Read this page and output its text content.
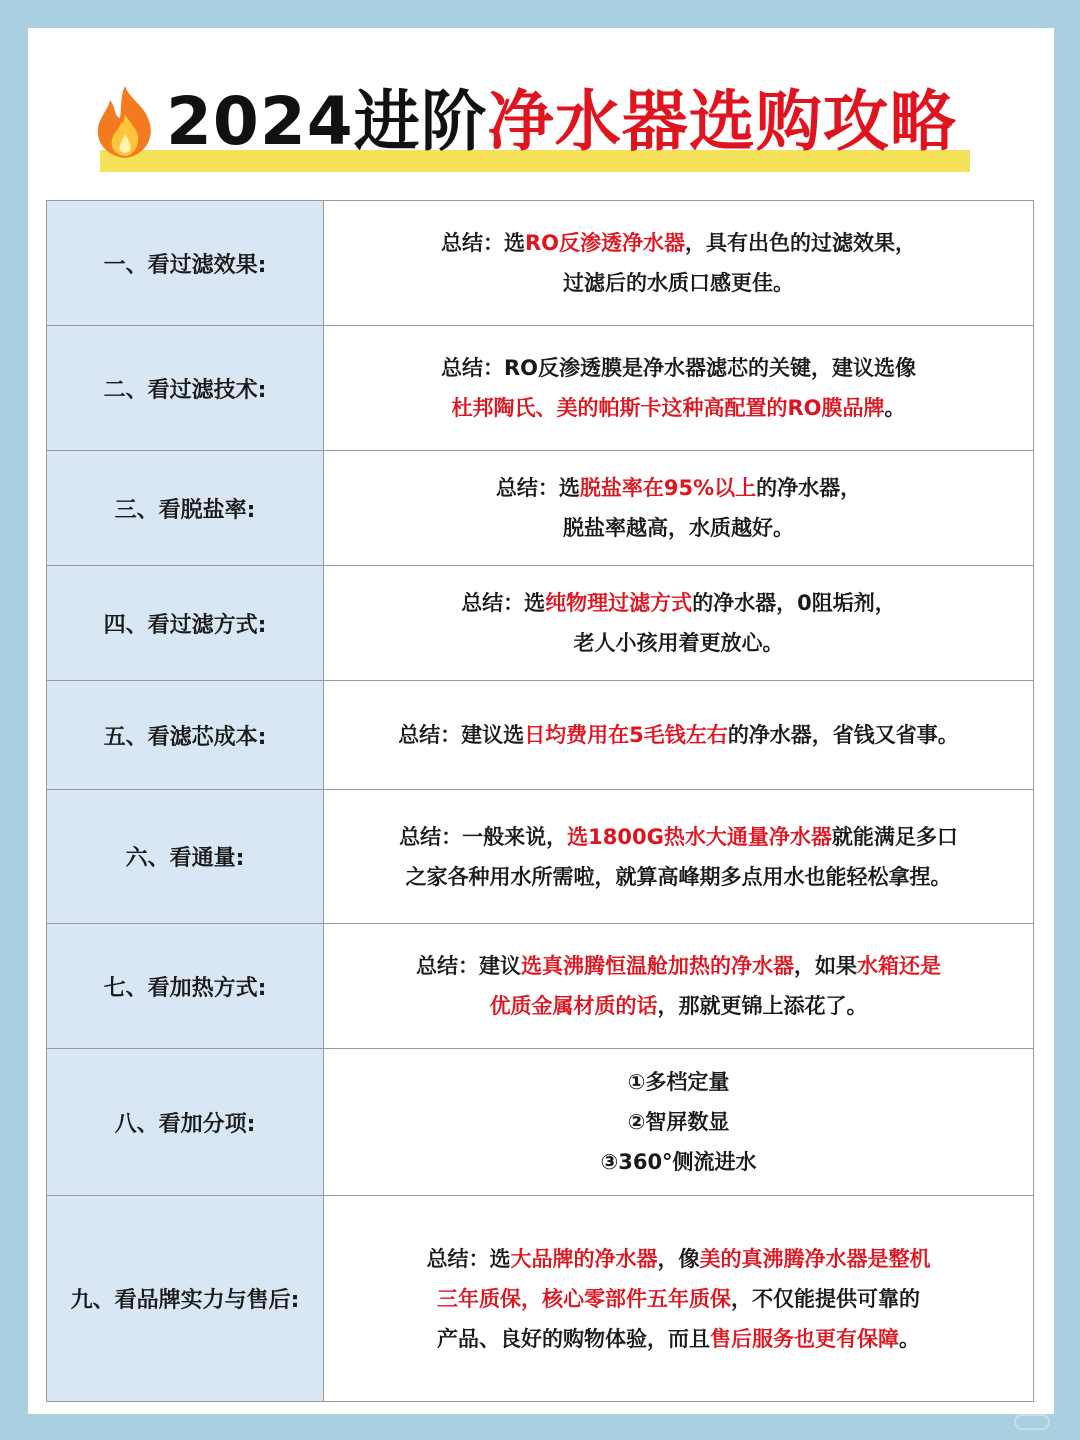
2024进阶 净水器选购攻略
一、看过滤效果:	总结：选RO反渗透净水器，具有出色的过滤效果，
过滤后的水质口感更佳。

二、看过滤技术:	总结：RO反渗透膜是净水器滤芯的关键，建议选像
杜邦陶氏、美的帕斯卡这种高配置的RO膜品牌。

三、看脱盐率:	总结：选脱盐率在95%以上的净水器，
脱盐率越高，水质越好。

四、看过滤方式:	总结：选纯物理过滤方式的净水器，0阻垢剂，
老人小孩用着更放心。

五、看滤芯成本:	总结：建议选日均费用在5毛钱左右的净水器，省钱又省事。

六、看通量:	总结：一般来说，选1800G热水大通量净水器就能满足多口
之家各种用水所需啦，就算高峰期多点用水也能轻松拿捏。

七、看加热方式:	总结：建议选真沸腾恒温舱加热的净水器，如果水箱还是
优质金属材质的话，那就更锦上添花了。

八、看加分项:	①多档定量
②智屏数显
③360°侧流进水

九、看品牌实力与售后:	总结：选大品牌的净水器，像美的真沸腾净水器是整机
三年质保，核心零部件五年质保，不仅能提供可靠的
产品、良好的购物体验，而且售后服务也更有保障。
